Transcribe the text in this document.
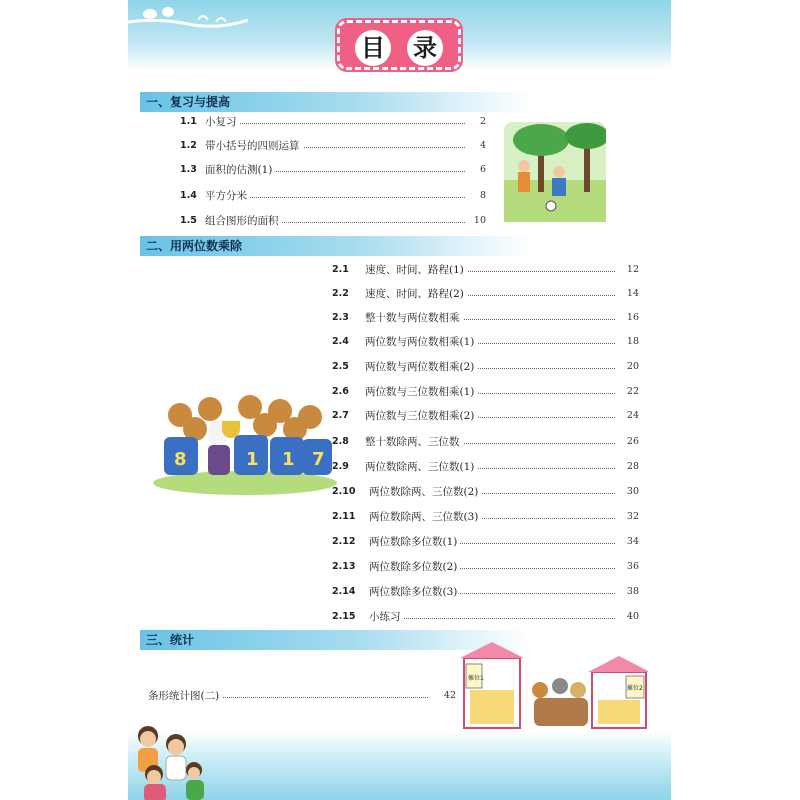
目 录
一、复习与提高
1.1 小复习	2
1.2 带小括号的四则运算	4
1.3 面积的估测(1)	6
1.4 平方分米	8
1.5 组合图形的面积	10
二、用两位数乘除
2.1 速度、时间、路程(1)	12
2.2 速度、时间、路程(2)	14
2.3 整十数与两位数相乘	16
2.4 两位数与两位数相乘(1)	18
2.5 两位数与两位数相乘(2)	20
2.6 两位数与三位数相乘(1)	22
2.7 两位数与三位数相乘(2)	24
2.8 整十数除两、三位数	26
2.9 两位数除两、三位数(1)	28
2.10 两位数除两、三位数(2)	30
2.11 两位数除两、三位数(3)	32
2.12 两位数除多位数(1)	34
2.13 两位数除多位数(2)	36
2.14 两位数除多位数(3)	38
2.15 小练习	40
8	1 1 7
三、统计
条形统计图(二)	42
摊位1
摊位2
